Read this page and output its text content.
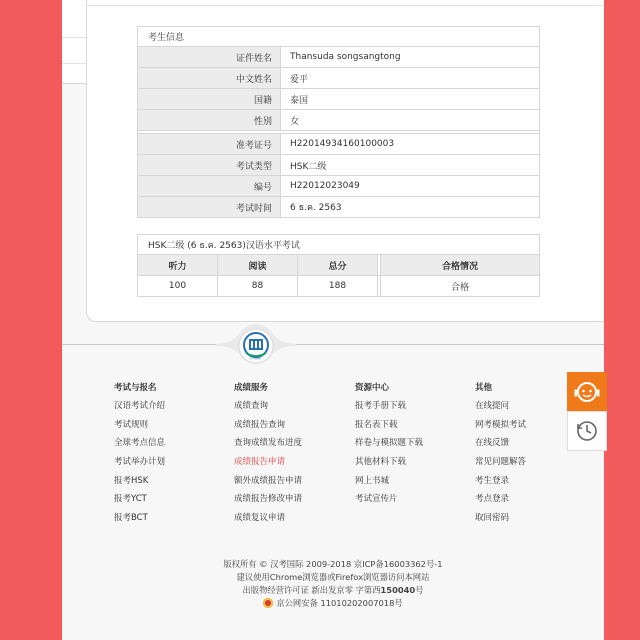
考生信息	
证件姓名	Thansuda songsangtong
中文姓名	爱平
国籍	泰国
性别	女

准考证号	H22014934160100003
考试类型	HSK二级
编号	H22012023049
考试时间	6 ธ.ค. 2563
HSK二级 (6 ธ.ค. 2563)汉语水平考试				
听力	阅读	总分		合格情况
100	88	188		合格
汉考国际
考试与报名
汉语考试介绍
考试规则
全球考点信息
考试举办计划
报考HSK
报考YCT
报考BCT
成绩服务
成绩查询
成绩报告查询
查询成绩发布进度
成绩报告申请
额外成绩报告申请
成绩报告修改申请
成绩复议申请
资源中心
报考手册下载
报名表下载
样卷与模拟题下载
其他材料下载
网上书城
考试宣传片
其他
在线提问
网考模拟考试
在线反馈
常见问题解答
考生登录
考点登录
取回密码
版权所有 © 汉考国际 2009-2018 京ICP备16003362号-1
建议使用Chrome浏览器或Firefox浏览器访问本网站
出版物经营许可证 新出发京零 字第西150040号
京公网安备 11010202007018号
